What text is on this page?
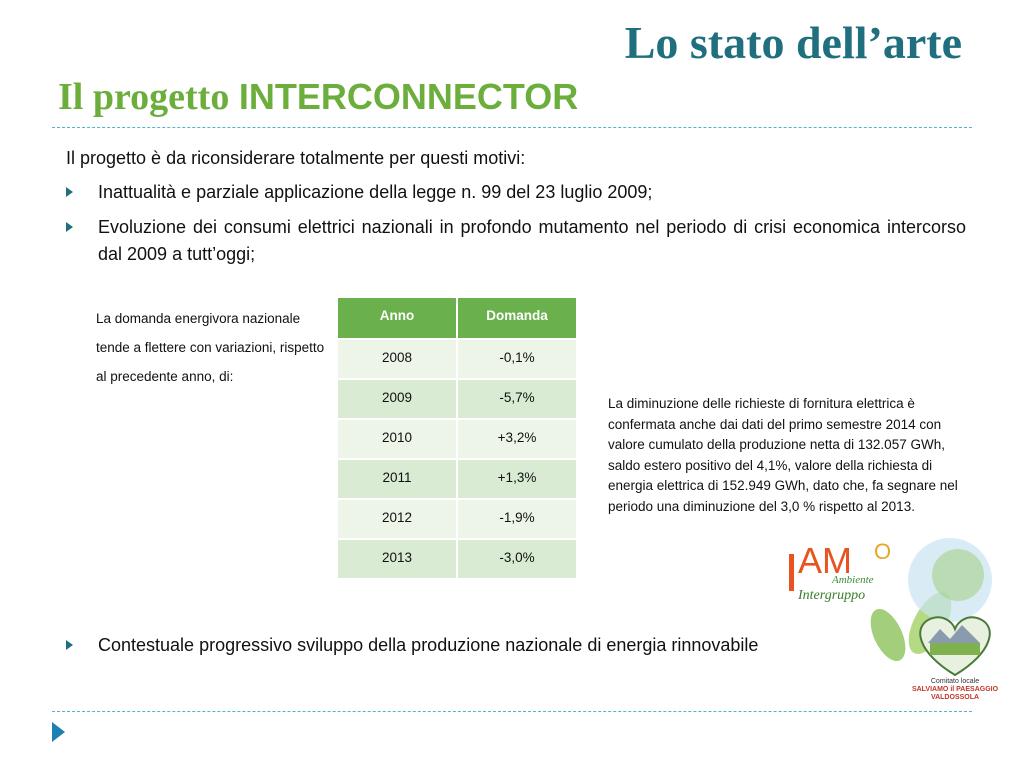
Lo stato dell’arte
Il progetto INTERCONNECTOR
Il progetto è da riconsiderare totalmente per questi motivi:
Inattualità e parziale applicazione della legge n. 99 del 23 luglio 2009;
Evoluzione dei consumi elettrici nazionali in profondo mutamento nel periodo di crisi economica intercorso dal 2009 a tutt’oggi;
La domanda energivora nazionale tende a flettere con variazioni, rispetto al precedente anno, di:
Anno	Domanda
2008	-0,1%
2009	-5,7%
2010	+3,2%
2011	+1,3%
2012	-1,9%
2013	-3,0%
La diminuzione delle richieste di fornitura elettrica è confermata anche dai dati del primo semestre 2014 con valore cumulato della produzione netta di 132.057 GWh, saldo estero positivo del 4,1%, valore della richiesta di energia elettrica di 152.949 GWh, dato che, fa segnare nel periodo una diminuzione del 3,0 % rispetto al 2013.
I
AM O
Ambiente
Intergruppo
Comitato locale
SALVIAMO il PAESAGGIO
VALDOSSOLA
Contestuale progressivo sviluppo della produzione nazionale di energia rinnovabile
